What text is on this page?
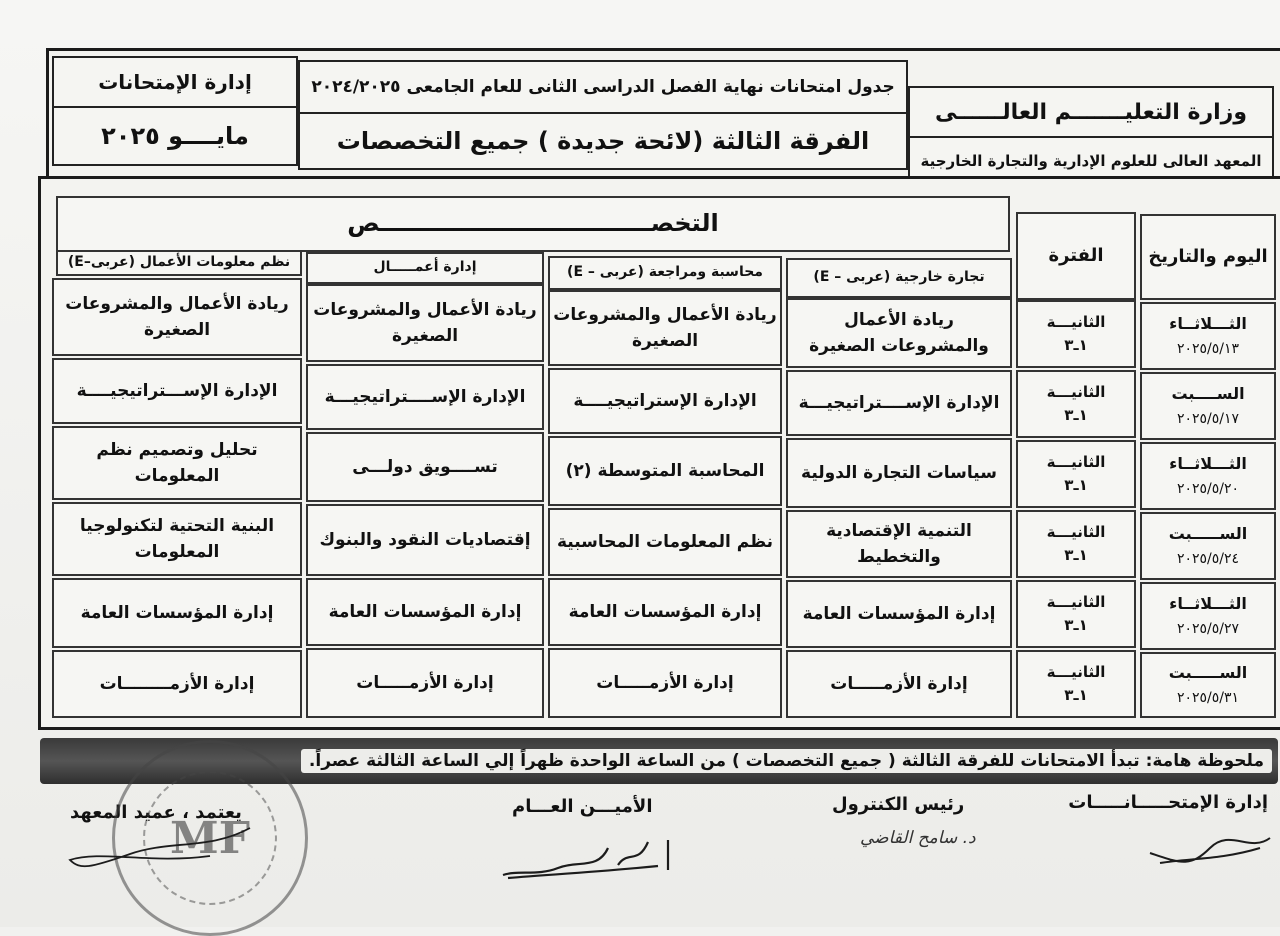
وزارة التعليـــــــم العالــــــى
المعهد العالى للعلوم الإدارية والتجارة الخارجية
جدول امتحانات نهاية الفصل الدراسى الثانى للعام الجامعى ٢٠٢٤/٢٠٢٥
الفرقة الثالثة (لائحة جديدة ) جميع التخصصات
إدارة الإمتحانات
مايــــو ٢٠٢٥
اليوم والتاريخ
الفترة
التخصـــــــــــــــــــــــــــــــــص
تجارة خارجية (عربى – E)
محاسبة ومراجعة (عربى – E)
إدارة أعمـــــال
نظم معلومات الأعمال (عربى–E)
الثـــلاثــاء
٢٠٢٥/٥/١٣
الثانيـــة
١ـ٣
ريادة الأعمال والمشروعات الصغيرة
ريادة الأعمال والمشروعات الصغيرة
ريادة الأعمال والمشروعات الصغيرة
ريادة الأعمال والمشروعات الصغيرة
الســــبت
٢٠٢٥/٥/١٧
الثانيـــة
١ـ٣
الإدارة الإســــتراتيجيـــة
الإدارة الإستراتيجيــــة
الإدارة الإســــتراتيجيـــة
الإدارة الإســـتراتيجيــــة
الثـــلاثــاء
٢٠٢٥/٥/٢٠
الثانيـــة
١ـ٣
سياسات التجارة الدولية
المحاسبة المتوسطة (٢)
تســــويق دولـــى
تحليل وتصميم نظم المعلومات
الســـــبت
٢٠٢٥/٥/٢٤
الثانيـــة
١ـ٣
التنمية الإقتصادية والتخطيط
نظم المعلومات المحاسبية
إقتصاديات النقود والبنوك
البنية التحتية لتكنولوجيا المعلومات
الثـــلاثــاء
٢٠٢٥/٥/٢٧
الثانيـــة
١ـ٣
إدارة المؤسسات العامة
إدارة المؤسسات العامة
إدارة المؤسسات العامة
إدارة المؤسسات العامة
الســـــبت
٢٠٢٥/٥/٣١
الثانيـــة
١ـ٣
إدارة الأزمـــــات
إدارة الأزمـــــات
إدارة الأزمـــــات
إدارة الأزمــــــــات
ملحوظة هامة: تبدأ الامتحانات للفرقة الثالثة ( جميع التخصصات ) من الساعة الواحدة ظهراً إلي الساعة الثالثة عصراً.
إدارة الإمتحـــــانـــــات
رئيس الكنترول
الأميـــن العـــام
يعتمد ، عميد المعهد
د. سامح القاضي
MF
